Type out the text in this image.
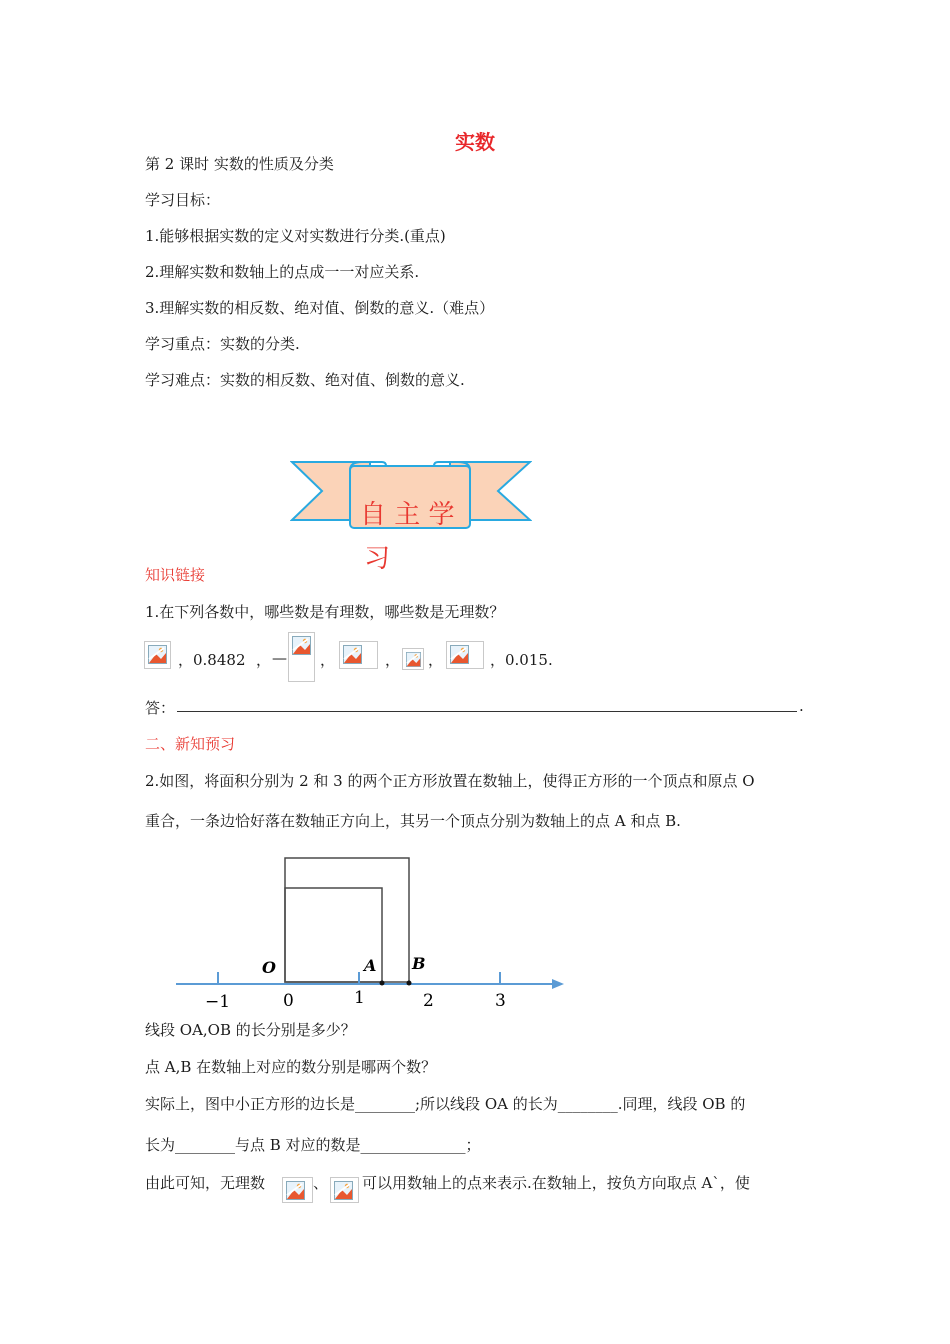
实数
第 2 课时 实数的性质及分类
学习目标：
1.能够根据实数的定义对实数进行分类.(重点)
2.理解实数和数轴上的点成一一对应关系.
3.理解实数的相反数、绝对值、倒数的意义.（难点）
学习重点：实数的分类.
学习难点：实数的相反数、绝对值、倒数的意义.
自 主 学
习
知识链接
1.在下列各数中，哪些数是有理数，哪些数是无理数？
，0.8482 ， — ，	， ，	，0.015.
答：	.
二、新知预习
2.如图，将面积分别为 2 和 3 的两个正方形放置在数轴上，使得正方形的一个顶点和原点 O
重合，一条边恰好落在数轴正方向上，其另一个顶点分别为数轴上的点 A 和点 B.
O	A B
−1	0	1	2	3
线段 OA,OB 的长分别是多少？
点 A,B 在数轴上对应的数分别是哪两个数？
实际上，图中小正方形的边长是________;所以线段 OA 的长为________.同理，线段 OB 的
长为________与点 B 对应的数是______________；
由此可知，无理数	、 可以用数轴上的点来表示.在数轴上，按负方向取点 A`，使
